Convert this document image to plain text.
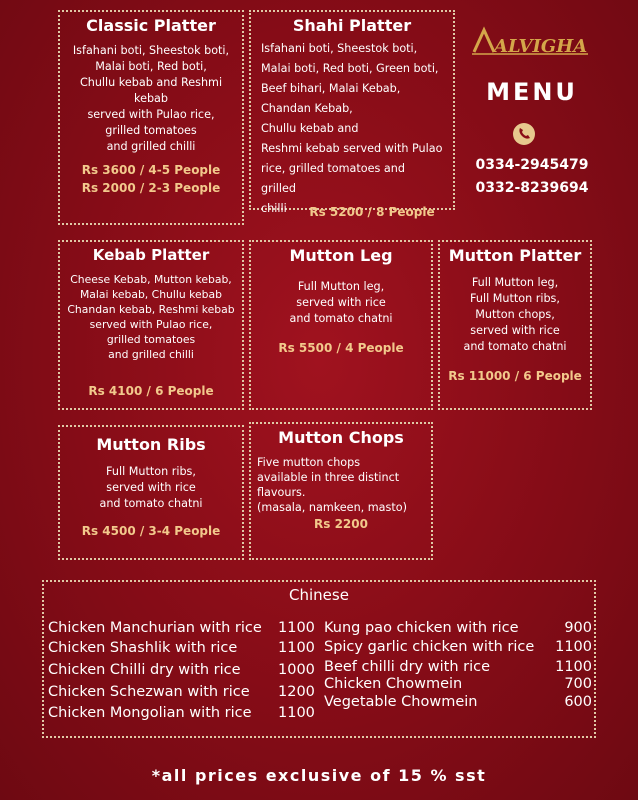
Classic Platter
Isfahani boti, Sheestok boti,
Malai boti, Red boti,
Chullu kebab and Reshmi
kebab
served with Pulao rice,
grilled tomatoes
and grilled chilli
Rs 3600 / 4-5 People
Rs 2000 / 2-3 People
Shahi Platter
Isfahani boti, Sheestok boti,
Malai boti, Red boti, Green boti,
Beef bihari, Malai Kebab,
Chandan Kebab,
Chullu kebab and
Reshmi kebab served with Pulao
rice, grilled tomatoes and grilled
chilli	Rs 5200 / 8 People
ALVIGHA
MENU
0334-2945479
0332-8239694
Kebab Platter
Cheese Kebab, Mutton kebab,
Malai kebab, Chullu kebab
Chandan kebab, Reshmi kebab
served with Pulao rice,
grilled tomatoes
and grilled chilli
Rs 4100 / 6 People
Mutton Leg
Full Mutton leg,
served with rice
and tomato chatni
Rs 5500 / 4 People
Mutton Platter
Full Mutton leg,
Full Mutton ribs,
Mutton chops,
served with rice
and tomato chatni
Rs 11000 / 6 People
Mutton Ribs
Full Mutton ribs,
served with rice
and tomato chatni
Rs 4500 / 3-4 People
Mutton Chops
Five mutton chops
available in three distinct
flavours.
(masala, namkeen, masto)
Rs 2200
Chinese
Chicken Manchurian with rice 1100
Chicken Shashlik with rice	1100
Chicken Chilli dry with rice	1000
Chicken Schezwan with rice 1200
Chicken Mongolian with rice 1100
Kung pao chicken with rice	900
Spicy garlic chicken with rice 1100
Beef chilli dry with rice	1100
Chicken Chowmein	700
Vegetable Chowmein	600
*all prices exclusive of 15 % sst
